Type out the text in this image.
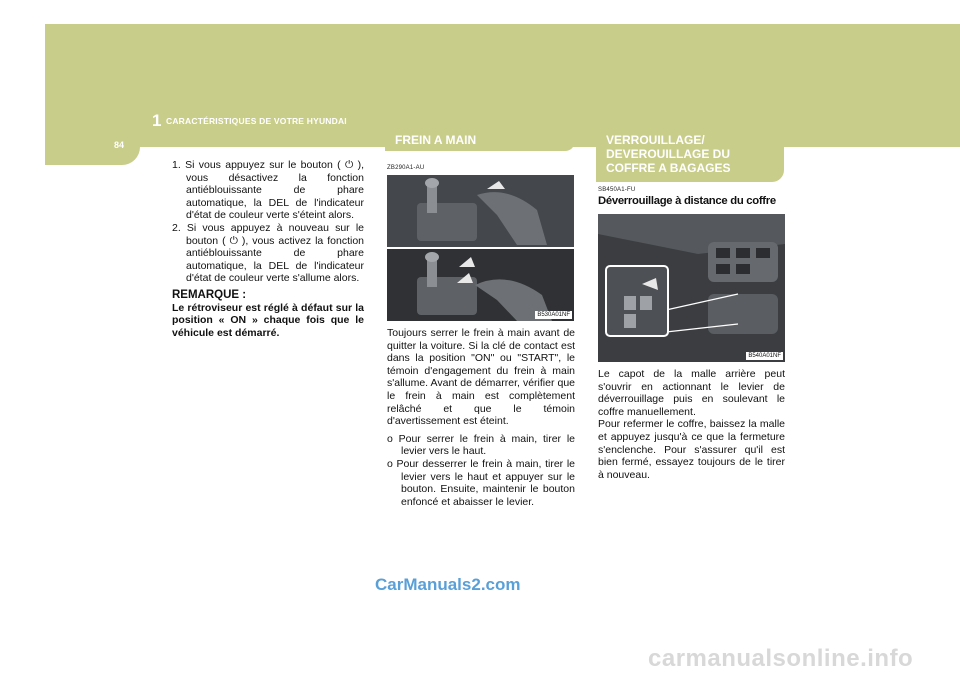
1 CARACTÉRISTIQUES DE VOTRE HYUNDAI
84
1. Si vous appuyez sur le bouton ( ⏻ ), vous désactivez la fonction antiéblouissante de phare automatique, la DEL de l'indicateur d'état de couleur verte s'éteint alors.
2. Si vous appuyez à nouveau sur le bouton ( ⏻ ), vous activez la fonction antiéblouissante de phare automatique, la DEL de l'indicateur d'état de couleur verte s'allume alors.
REMARQUE :
Le rétroviseur est réglé à défaut sur la position « ON » chaque fois que le véhicule est démarré.
FREIN A MAIN
ZB290A1-AU
B530A01NF

Toujours serrer le frein à main avant de quitter la voiture. Si la clé de contact est dans la position "ON" ou "START", le témoin d'engagement du frein à main s'allume. Avant de démarrer, vérifier que le frein à main est complètement relâché et que le témoin d'avertissement est éteint.

o Pour serrer le frein à main, tirer le levier vers le haut.
o Pour desserrer le frein à main, tirer le levier vers le haut et appuyer sur le bouton. Ensuite, maintenir le bouton enfoncé et abaisser le levier.
VERROUILLAGE/
DEVEROUILLAGE DU
COFFRE A BAGAGES
SB450A1-FU
Déverrouillage à distance du coffre
B540A01NF
Le capot de la malle arrière peut s'ouvrir en actionnant le levier de déverrouillage puis en soulevant le coffre manuellement.
Pour refermer le coffre, baissez la malle et appuyez jusqu'à ce que la fermeture s'enclenche. Pour s'assurer qu'il est bien fermé, essayez toujours de le tirer à nouveau.
CarManuals2.com
carmanualsonline.info
